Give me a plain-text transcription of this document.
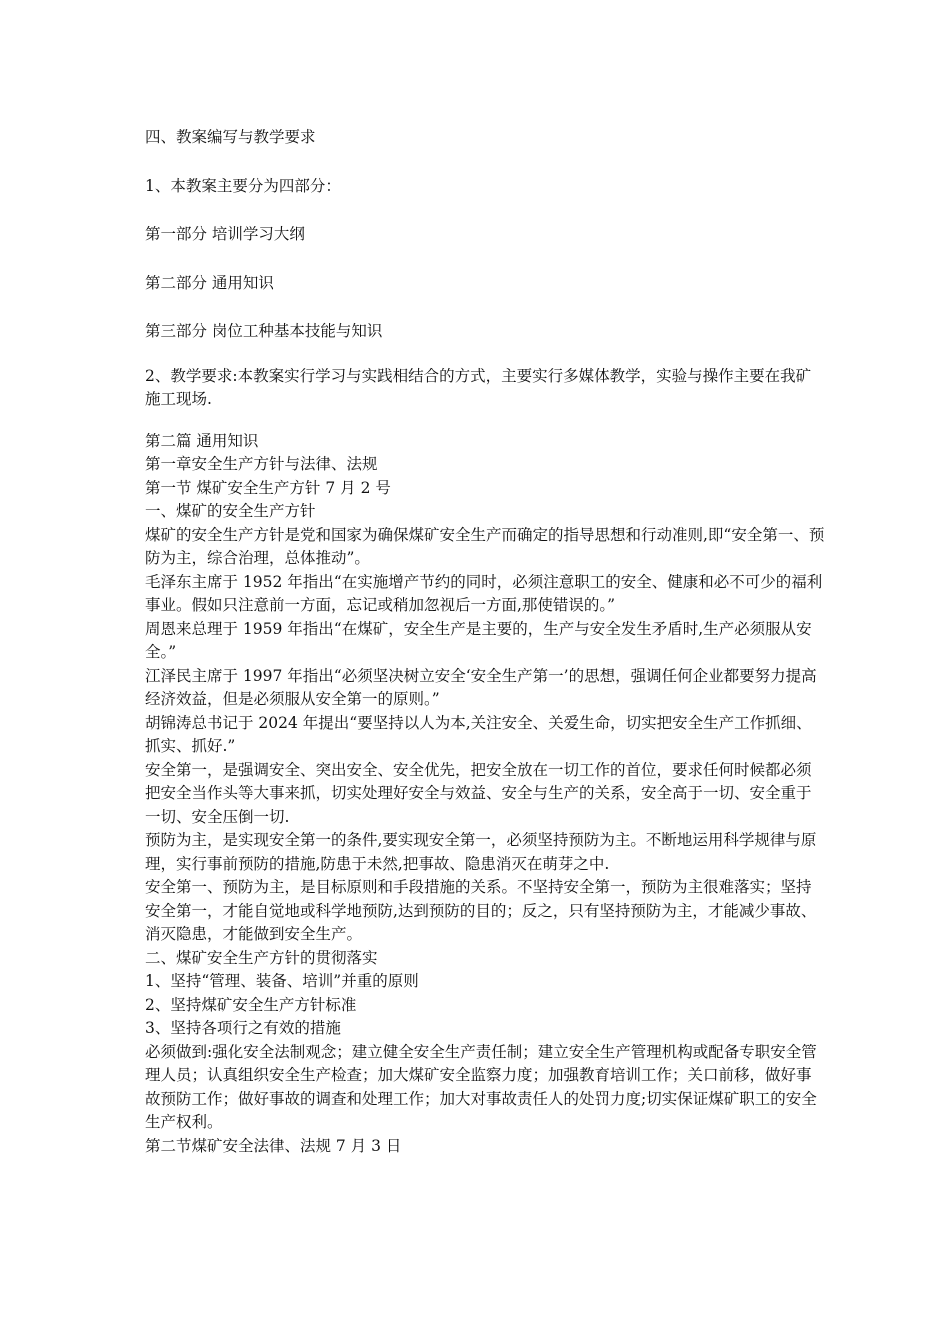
四、教案编写与教学要求
1、本教案主要分为四部分：
第一部分 培训学习大纲
第二部分 通用知识
第三部分 岗位工种基本技能与知识
2、教学要求:本教案实行学习与实践相结合的方式，主要实行多媒体教学，实验与操作主要在我矿施工现场.

第二篇 通用知识

第一章安全生产方针与法律、法规

第一节 煤矿安全生产方针 7 月 2 号

一、煤矿的安全生产方针

煤矿的安全生产方针是党和国家为确保煤矿安全生产而确定的指导思想和行动准则,即“安全第一、预防为主，综合治理，总体推动”。

毛泽东主席于 1952 年指出“在实施增产节约的同时，必须注意职工的安全、健康和必不可少的福利事业。假如只注意前一方面，忘记或稍加忽视后一方面,那使错误的。”

周恩来总理于 1959 年指出“在煤矿，安全生产是主要的，生产与安全发生矛盾时,生产必须服从安全。”

江泽民主席于 1997 年指出“必须坚决树立安全‘安全生产第一’的思想，强调任何企业都要努力提高经济效益，但是必须服从安全第一的原则。”

胡锦涛总书记于 2024 年提出“要坚持以人为本,关注安全、关爱生命，切实把安全生产工作抓细、抓实、抓好.”

安全第一，是强调安全、突出安全、安全优先，把安全放在一切工作的首位，要求任何时候都必须把安全当作头等大事来抓，切实处理好安全与效益、安全与生产的关系，安全高于一切、安全重于一切、安全压倒一切.

预防为主，是实现安全第一的条件,要实现安全第一，必须坚持预防为主。不断地运用科学规律与原理，实行事前预防的措施,防患于未然,把事故、隐患消灭在萌芽之中.

安全第一、预防为主，是目标原则和手段措施的关系。不坚持安全第一，预防为主很难落实；坚持安全第一，才能自觉地或科学地预防,达到预防的目的；反之，只有坚持预防为主，才能减少事故、消灭隐患，才能做到安全生产。

二、煤矿安全生产方针的贯彻落实

1、坚持“管理、装备、培训”并重的原则

2、坚持煤矿安全生产方针标准

3、坚持各项行之有效的措施

必须做到:强化安全法制观念；建立健全安全生产责任制；建立安全生产管理机构或配备专职安全管理人员；认真组织安全生产检查；加大煤矿安全监察力度；加强教育培训工作；关口前移，做好事故预防工作；做好事故的调查和处理工作；加大对事故责任人的处罚力度;切实保证煤矿职工的安全生产权利。

第二节煤矿安全法律、法规 7 月 3 日
